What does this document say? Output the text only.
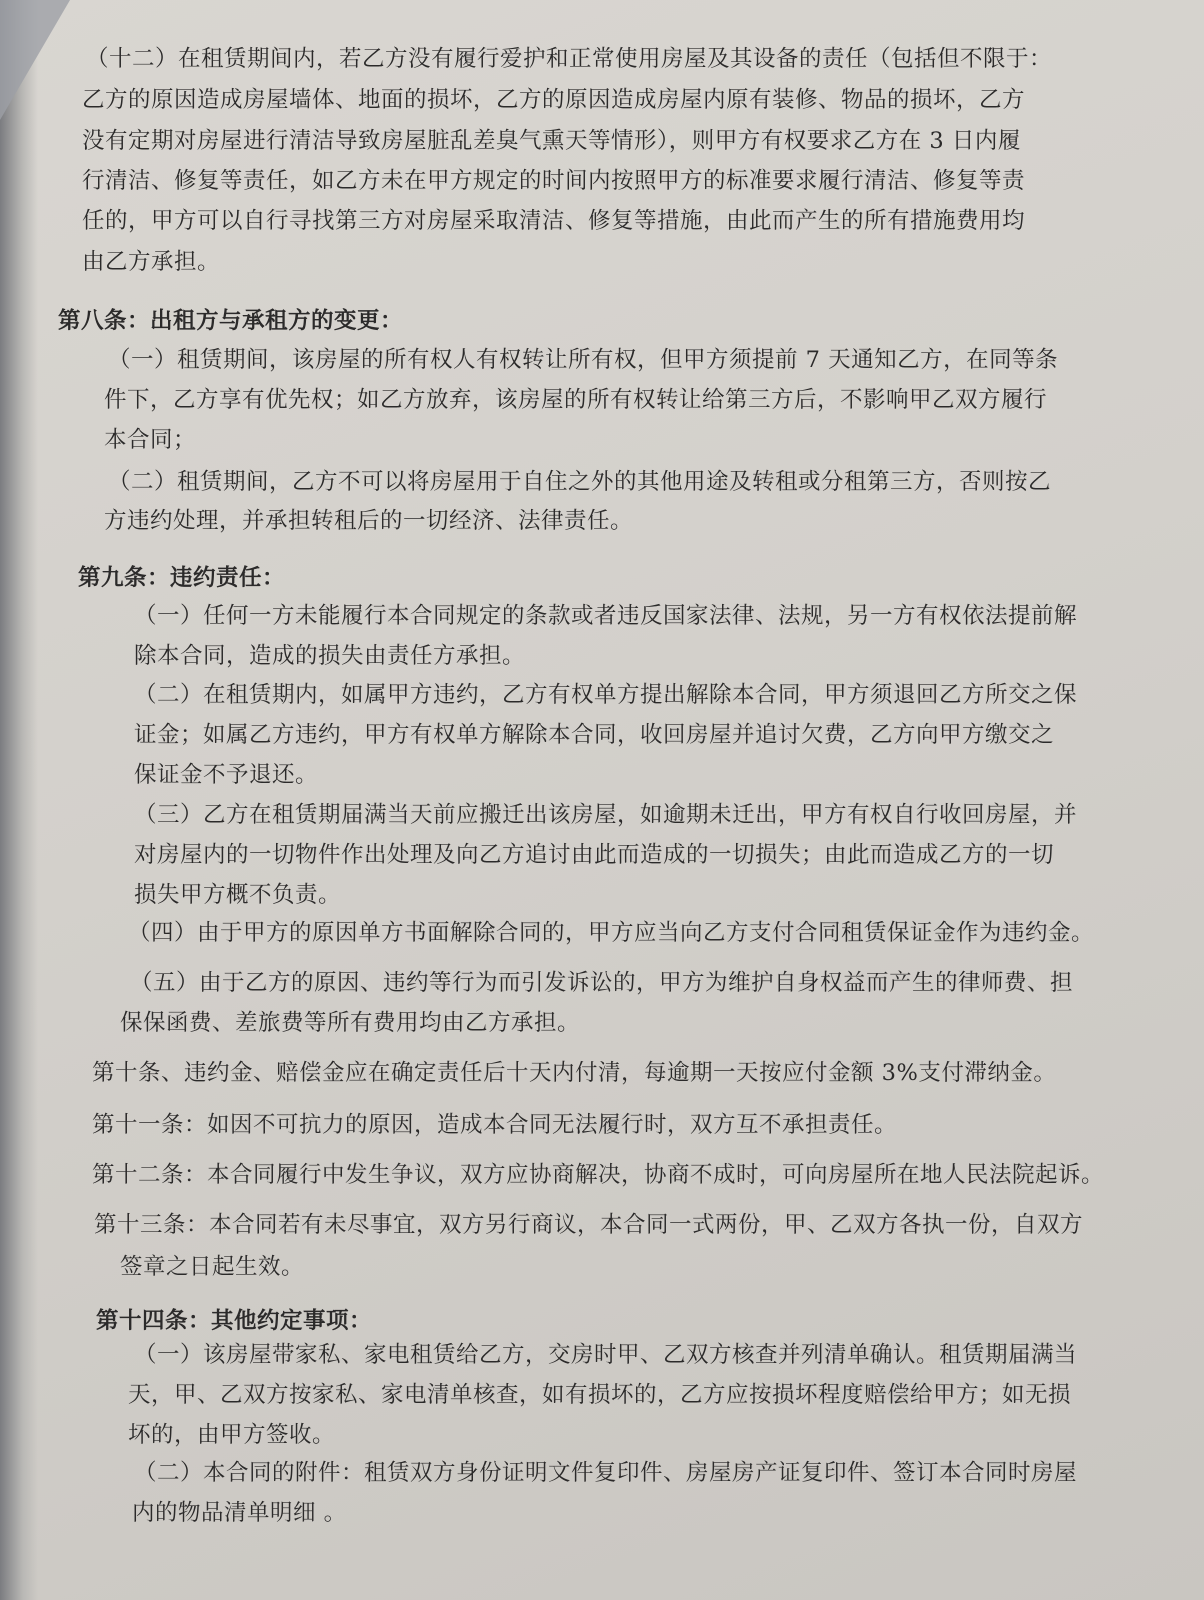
（十二）在租赁期间内，若乙方没有履行爱护和正常使用房屋及其设备的责任（包括但不限于：
乙方的原因造成房屋墙体、地面的损坏，乙方的原因造成房屋内原有装修、物品的损坏，乙方
没有定期对房屋进行清洁导致房屋脏乱差臭气熏天等情形），则甲方有权要求乙方在 3 日内履
行清洁、修复等责任，如乙方未在甲方规定的时间内按照甲方的标准要求履行清洁、修复等责
任的，甲方可以自行寻找第三方对房屋采取清洁、修复等措施，由此而产生的所有措施费用均
由乙方承担。
第八条：出租方与承租方的变更：
（一）租赁期间，该房屋的所有权人有权转让所有权，但甲方须提前 7 天通知乙方，在同等条
件下，乙方享有优先权；如乙方放弃，该房屋的所有权转让给第三方后，不影响甲乙双方履行
本合同；
（二）租赁期间，乙方不可以将房屋用于自住之外的其他用途及转租或分租第三方，否则按乙
方违约处理，并承担转租后的一切经济、法律责任。
第九条：违约责任：
（一）任何一方未能履行本合同规定的条款或者违反国家法律、法规，另一方有权依法提前解
除本合同，造成的损失由责任方承担。
（二）在租赁期内，如属甲方违约，乙方有权单方提出解除本合同，甲方须退回乙方所交之保
证金；如属乙方违约，甲方有权单方解除本合同，收回房屋并追讨欠费，乙方向甲方缴交之
保证金不予退还。
（三）乙方在租赁期届满当天前应搬迁出该房屋，如逾期未迁出，甲方有权自行收回房屋，并
对房屋内的一切物件作出处理及向乙方追讨由此而造成的一切损失；由此而造成乙方的一切
损失甲方概不负责。
（四）由于甲方的原因单方书面解除合同的，甲方应当向乙方支付合同租赁保证金作为违约金。
（五）由于乙方的原因、违约等行为而引发诉讼的，甲方为维护自身权益而产生的律师费、担
保保函费、差旅费等所有费用均由乙方承担。
第十条、违约金、赔偿金应在确定责任后十天内付清，每逾期一天按应付金额 3%支付滞纳金。
第十一条：如因不可抗力的原因，造成本合同无法履行时，双方互不承担责任。
第十二条：本合同履行中发生争议，双方应协商解决，协商不成时，可向房屋所在地人民法院起诉。
第十三条：本合同若有未尽事宜，双方另行商议，本合同一式两份，甲、乙双方各执一份，自双方
签章之日起生效。
第十四条：其他约定事项：
（一）该房屋带家私、家电租赁给乙方，交房时甲、乙双方核查并列清单确认。租赁期届满当
天，甲、乙双方按家私、家电清单核查，如有损坏的，乙方应按损坏程度赔偿给甲方；如无损
坏的，由甲方签收。
（二）本合同的附件：租赁双方身份证明文件复印件、房屋房产证复印件、签订本合同时房屋
内的物品清单明细 。
